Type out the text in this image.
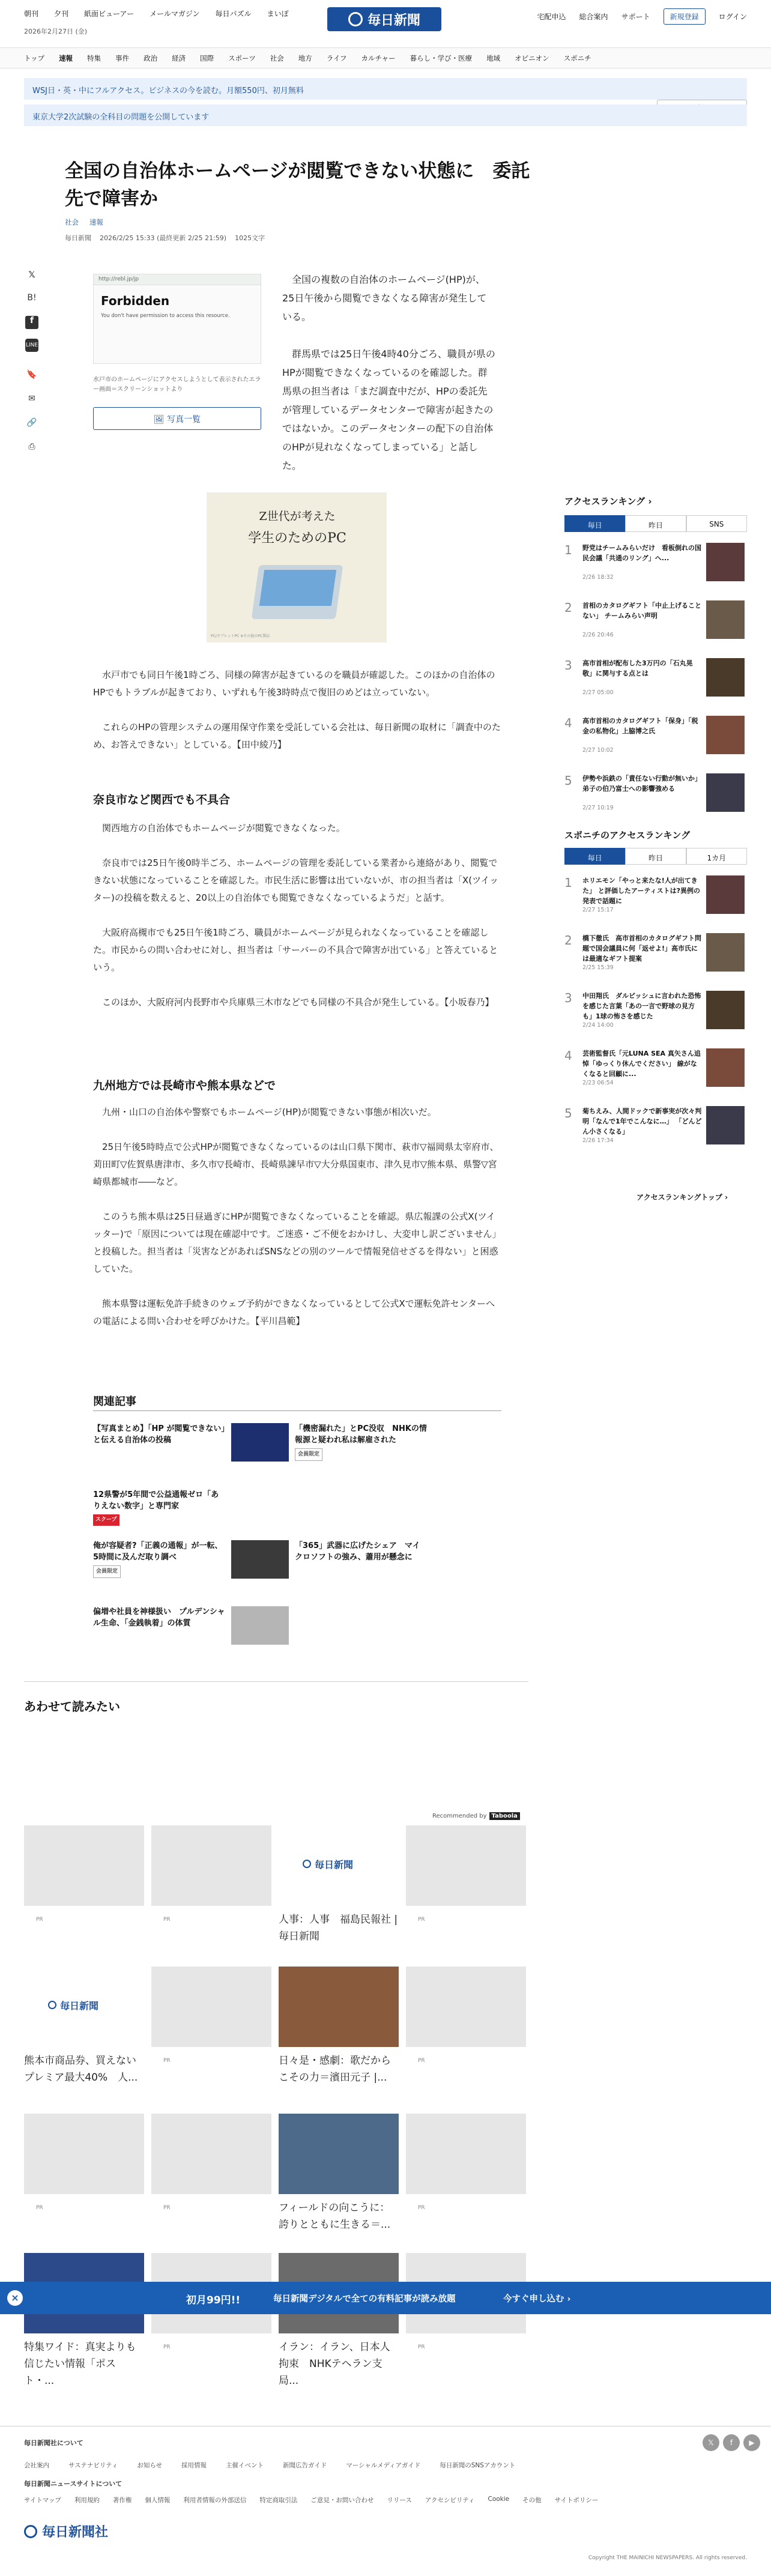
朝刊 夕刊 紙面ビューアー メールマガジン 毎日パズル まいぽ
2026年2月27日 (金)
毎日新聞	宅配申込 総合案内 サポート	新規登録	ログイン
トップ 速報 特集 事件 政治 経済 国際 スポーツ 社会 地方 ライフ カルチャー 暮らし・学び・医療 地域 オピニオン スポニチ
WSJ日・英・中にフルアクセス。ビジネスの今を読む。月額550円、初月無料
東京大学2次試験の全科目の問題を公開しています
全国の自治体ホームページが閲覧できない状態に　委託先で障害か
社会 速報
毎日新聞 2026/2/25 15:33 (最終更新 2/25 21:59) 1025文字
𝕏
B!
f
LINE
🔖
✉
🔗
⎙
http://rebl.jp/jp
Forbidden

You don't have permission to access this resource.

水戸市のホームページにアクセスしようとして表示されたエラー画面＝スクリーンショットより
🖼 写真一覧

全国の複数の自治体のホームページ(HP)が、25日午後から閲覧できなくなる障害が発生している。

群馬県では25日午後4時40分ごろ、職員が県のHPが閲覧できなくなっているのを確認した。群馬県の担当者は「まだ調査中だが、HPの委託先が管理しているデータセンターで障害が起きたのではないか。このデータセンターの配下の自治体のHPが見れなくなってしまっている」と話した。

Z世代が考えた
学生のためのPC
PC/タブレットPC ※その他のPC製品

水戸市でも同日午後1時ごろ、同様の障害が起きているのを職員が確認した。このほかの自治体のHPでもトラブルが起きており、いずれも午後3時時点で復旧のめどは立っていない。

これらのHPの管理システムの運用保守作業を受託している会社は、毎日新聞の取材に「調査中のため、お答えできない」としている。【田中綾乃】

奈良市など関西でも不具合

関西地方の自治体でもホームページが閲覧できなくなった。

奈良市では25日午後0時半ごろ、ホームページの管理を委託している業者から連絡があり、閲覧できない状態になっていることを確認した。市民生活に影響は出ていないが、市の担当者は「X(ツイッター)の投稿を数えると、20以上の自治体でも閲覧できなくなっているようだ」と話す。

大阪府高槻市でも25日午後1時ごろ、職員がホームページが見られなくなっていることを確認した。市民からの問い合わせに対し、担当者は「サーバーの不具合で障害が出ている」と答えているという。

このほか、大阪府河内長野市や兵庫県三木市などでも同様の不具合が発生している。【小坂春乃】

九州地方では長崎市や熊本県などで

九州・山口の自治体や警察でもホームページ(HP)が閲覧できない事態が相次いだ。

25日午後5時時点で公式HPが閲覧できなくなっているのは山口県下関市、萩市▽福岡県太宰府市、苅田町▽佐賀県唐津市、多久市▽長崎市、長崎県諫早市▽大分県国東市、津久見市▽熊本県、県警▽宮崎県都城市――など。

このうち熊本県は25日昼過ぎにHPが閲覧できなくなっていることを確認。県広報課の公式X(ツイッター)で「原因については現在確認中です。ご迷惑・ご不便をおかけし、大変申し訳ございません」と投稿した。担当者は「災害などがあればSNSなどの別のツールで情報発信せざるを得ない」と困惑していた。

熊本県警は運転免許手続きのウェブ予約ができなくなっているとして公式Xで運転免許センターへの電話による問い合わせを呼びかけた。【平川昌範】

関連記事
【写真まとめ】「HP が閲覧できない」と伝える自治体の投稿
「機密漏れた」とPC没収　NHKの情報源と疑われ私は解雇された
会員限定
12県警が5年間で公益通報ゼロ「ありえない数字」と専門家
スクープ
俺が容疑者?「正義の通報」が一転、5時間に及んだ取り調べ
会員限定
「365」武器に広げたシェア　マイクロソフトの強み、蕭用が懸念に
偏増や社員を神様扱い　プルデンシャル生命、「金銭執着」の体質
あわせて読みたい
Recommended by Taboola
PR	PR
毎日新聞
人事：人事　福島民報社 | 毎日新聞
PR
毎日新聞
熊本市商品券、買えないプレミア最大40%　人...
PR	日々是・感劇：歌だからこその力＝濱田元子 |...
PR
PR	PR	フィールドの向こうに：誇りとともに生きる＝...
PR
特集ワイド：真実よりも信じたい情報「ポスト・...
PR	イラン：イラン、日本人拘束　NHKテヘラン支局...
PR
アクセスランキング ›
毎日	昨日	SNS
1 野党はチームみらいだけ　看板倒れの国民会議「共通のリング」へ...
2/26 18:32
2 首相のカタログギフト「中止上げることない」 チームみらい声明
2/26 20:46
3 高市首相が配布した3万円の「石丸晃敬」に関与する点とは
2/27 05:00
4 高市首相のカタログギフト「保身」「税金の私物化」上脇博之氏
2/27 10:02
5 伊勢や浜鉄の「責任ない行動が無いか」 弟子の伯乃富士への影響強める
2/27 10:19
スポニチのアクセスランキング
毎日	昨日	1カ月
1 ホリエモン「やっと来たな!人が出てきた」 と評価したアーティストは?異例の発表で話題に
2/27 15:17
2 橋下徹氏　高市首相のカタログギフト問題で国会議員に何「返せよ!」高市氏には最適なギフト提案
2/25 15:39
3 中田翔氏　ダルビッシュに言われた恐怖を感じた言葉「あの一言で野球の見方も」1球の怖さを感じた
2/24 14:00
4 芸術監督氏「元LUNA SEA 真矢さん追悼「ゆっくり休んでください」 線がなくなると回顧に...
2/23 06:54
5 菊ちえみ、人間ドックで新事実が次々判明「なんで1年でこんなに…」 「どんどん小さくなる」
2/26 17:34
アクセスランキングトップ ›
×	初月99円!!	毎日新聞デジタルで全ての有料記事が読み放題	今すぐ申し込む ›
毎日新聞社について	𝕏	f	▶
会社案内	サステナビリティ	お知らせ	採用情報	主催イベント	新聞広告ガイド	マーシャルメディアガイド	毎日新聞のSNSアカウント
毎日新聞ニュースサイトについて
サイトマップ 利用規約 著作権 個人情報 利用者情報の外部送信 特定商取引法 ご意見・お問い合わせ リリース アクセシビリティ Cookie その他 サイトポリシー
毎日新聞社
Copyright THE MAINICHI NEWSPAPERS. All rights reserved.
